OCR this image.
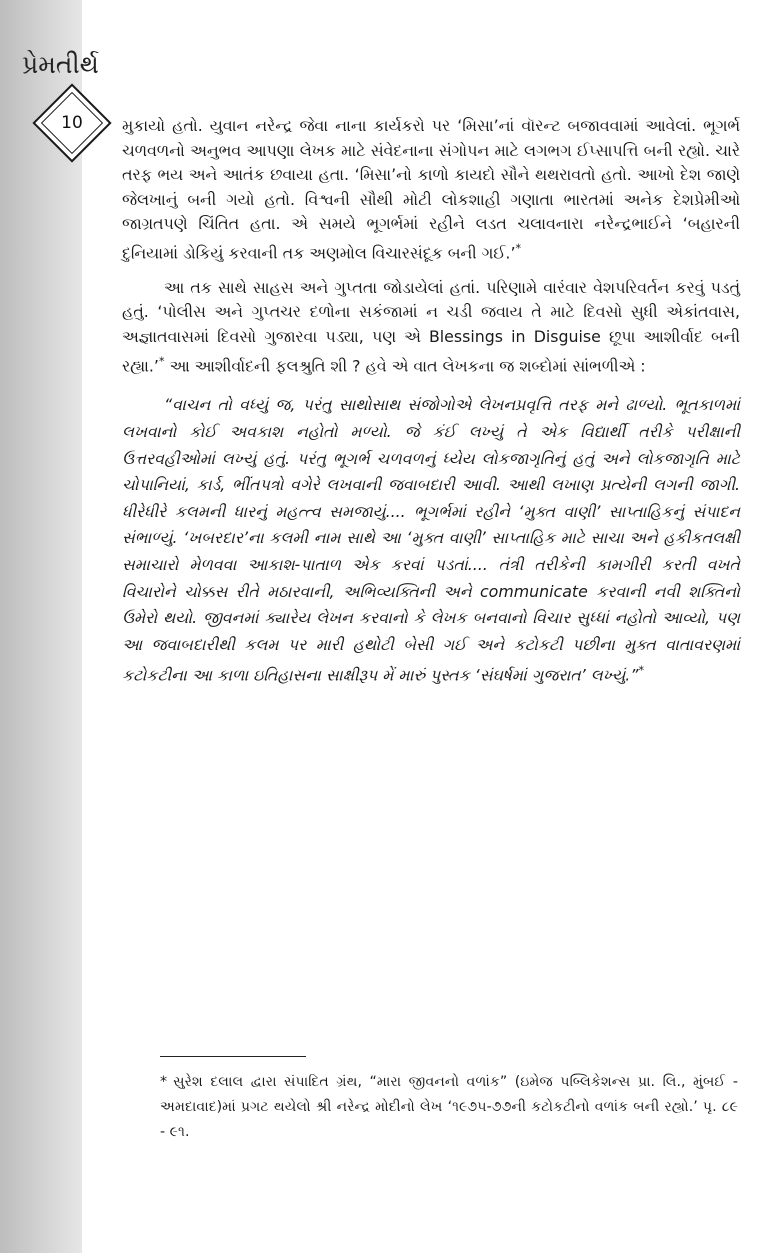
પ્રેમતીર્થ
10	મુકાયો હતો. યુવાન નરેન્દ્ર જેવા નાના કાર્યકરો પર ‘મિસા’નાં વૉરન્ટ બજાવવામાં આવેલાં. ભૂગર્ભ ચળવળનો અનુભવ આપણા લેખક માટે સંવેદનાના સંગોપન માટે લગભગ ઈપ્સાપત્તિ બની રહ્યો. ચારે તરફ ભય અને આતંક છવાયા હતા. ‘મિસા’નો કાળો કાયદો સૌને થથરાવતો હતો. આખો દેશ જાણે જેલખાનું બની ગયો હતો. વિશ્વની સૌથી મોટી લોકશાહી ગણાતા ભારતમાં અનેક દેશપ્રેમીઓ જાગ્રતપણે ચિંતિત હતા. એ સમયે ભૂગર્ભમાં રહીને લડત ચલાવનારા નરેન્દ્રભાઈને ‘બહારની દુનિયામાં ડોકિયું કરવાની તક અણમોલ વિચારસંદૂક બની ગઈ.’*

આ તક સાથે સાહસ અને ગુપ્તતા જોડાયેલાં હતાં. પરિણામે વારંવાર વેશપરિવર્તન કરવું પડતું હતું. ‘પોલીસ અને ગુપ્તચર દળોના સકંજામાં ન ચડી જવાય તે માટે દિવસો સુધી એકાંતવાસ, અજ્ઞાતવાસમાં દિવસો ગુજારવા પડ્યા, પણ એ Blessings in Disguise છૂપા આશીર્વાદ બની રહ્યા.’* આ આશીર્વાદની ફલશ્રુતિ શી ? હવે એ વાત લેખકના જ શબ્દોમાં સાંભળીએ :

“વાચન તો વધ્યું જ, પરંતુ સાથોસાથ સંજોગોએ લેખનપ્રવૃત્તિ તરફ મને ઢાળ્યો. ભૂતકાળમાં લખવાનો કોઈ અવકાશ નહોતો મળ્યો. જે કંઈ લખ્યું તે એક વિદ્યાર્થી તરીકે પરીક્ષાની ઉત્તરવહીઓમાં લખ્યું હતું. પરંતુ ભૂગર્ભ ચળવળનું ધ્યેય લોકજાગૃતિનું હતું અને લોકજાગૃતિ માટે ચોપાનિયાં, કાર્ડ, ભીંતપત્રો વગેરે લખવાની જવાબદારી આવી. આથી લખાણ પ્રત્યેની લગની જાગી. ધીરેધીરે કલમની ધારનું મહત્ત્વ સમજાયું.... ભૂગર્ભમાં રહીને ‘મુક્ત વાણી’ સાપ્તાહિકનું સંપાદન સંભાળ્યું. ‘ખબરદાર’ના કલમી નામ સાથે આ ‘મુક્ત વાણી’ સાપ્તાહિક માટે સાચા અને હકીકતલક્ષી સમાચારો મેળવવા આકાશ-પાતાળ એક કરવાં પડતાં.... તંત્રી તરીકેની કામગીરી કરતી વખતે વિચારોને ચોક્કસ રીતે મઠારવાની, અભિવ્યક્તિની અને communicate કરવાની નવી શક્તિનો ઉમેરો થયો. જીવનમાં ક્યારેય લેખન કરવાનો કે લેખક બનવાનો વિચાર સુધ્ધાં નહોતો આવ્યો, પણ આ જવાબદારીથી કલમ પર મારી હથોટી બેસી ગઈ અને કટોકટી પછીના મુક્ત વાતાવરણમાં કટોકટીના આ કાળા ઇતિહાસના સાક્ષીરૂપ મેં મારું પુસ્તક ‘સંઘર્ષમાં ગુજરાત’ લખ્યું.”*

* સુરેશ દલાલ દ્વારા સંપાદિત ગ્રંથ, “મારા જીવનનો વળાંક” (ઇમેજ પબ્લિકેશન્સ પ્રા. લિ., મુંબઈ - અમદાવાદ)માં પ્રગટ થયેલો શ્રી નરેન્દ્ર મોદીનો લેખ ‘૧૯૭૫-૭૭ની કટોકટીનો વળાંક બની રહ્યો.’ પૃ. ૮૯ - ૯૧.
